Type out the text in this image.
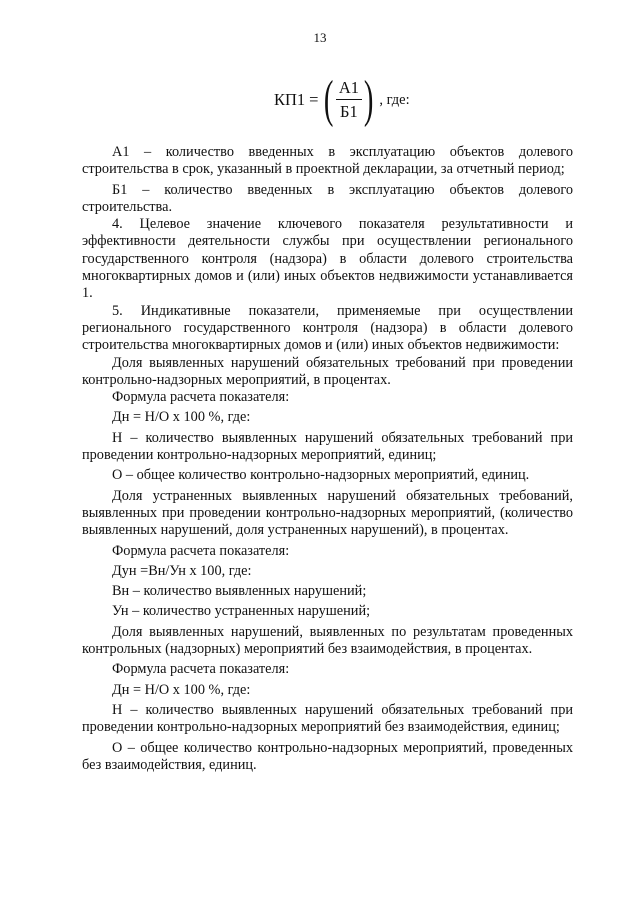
13
КП1 = ( $\frac{А1}{Б1}$ ) , где:

А1 – количество введенных в эксплуатацию объектов долевого строительства в срок, указанный в проектной декларации, за отчетный период;

Б1 – количество введенных в эксплуатацию объектов долевого строительства.

4. Целевое значение ключевого показателя результативности и эффективности деятельности службы при осуществлении регионального государственного контроля (надзора) в области долевого строительства многоквартирных домов и (или) иных объектов недвижимости устанавливается 1.

5. Индикативные показатели, применяемые при осуществлении регионального государственного контроля (надзора) в области долевого строительства многоквартирных домов и (или) иных объектов недвижимости:

Доля выявленных нарушений обязательных требований при проведении контрольно-надзорных мероприятий, в процентах.

Формула расчета показателя:

Дн = Н/О х 100 %, где:

Н – количество выявленных нарушений обязательных требований при проведении контрольно-надзорных мероприятий, единиц;

О – общее количество контрольно-надзорных мероприятий, единиц.

Доля устраненных выявленных нарушений обязательных требований, выявленных при проведении контрольно-надзорных мероприятий, (количество выявленных нарушений, доля устраненных нарушений), в процентах.

Формула расчета показателя:

Дун =Вн/Ун х 100, где:

Вн – количество выявленных нарушений;

Ун – количество устраненных нарушений;

Доля выявленных нарушений, выявленных по результатам проведенных контрольных (надзорных) мероприятий без взаимодействия, в процентах.

Формула расчета показателя:

Дн = Н/О х 100 %, где:

Н – количество выявленных нарушений обязательных требований при проведении контрольно-надзорных мероприятий без взаимодействия, единиц;

О – общее количество контрольно-надзорных мероприятий, проведенных без взаимодействия, единиц.
